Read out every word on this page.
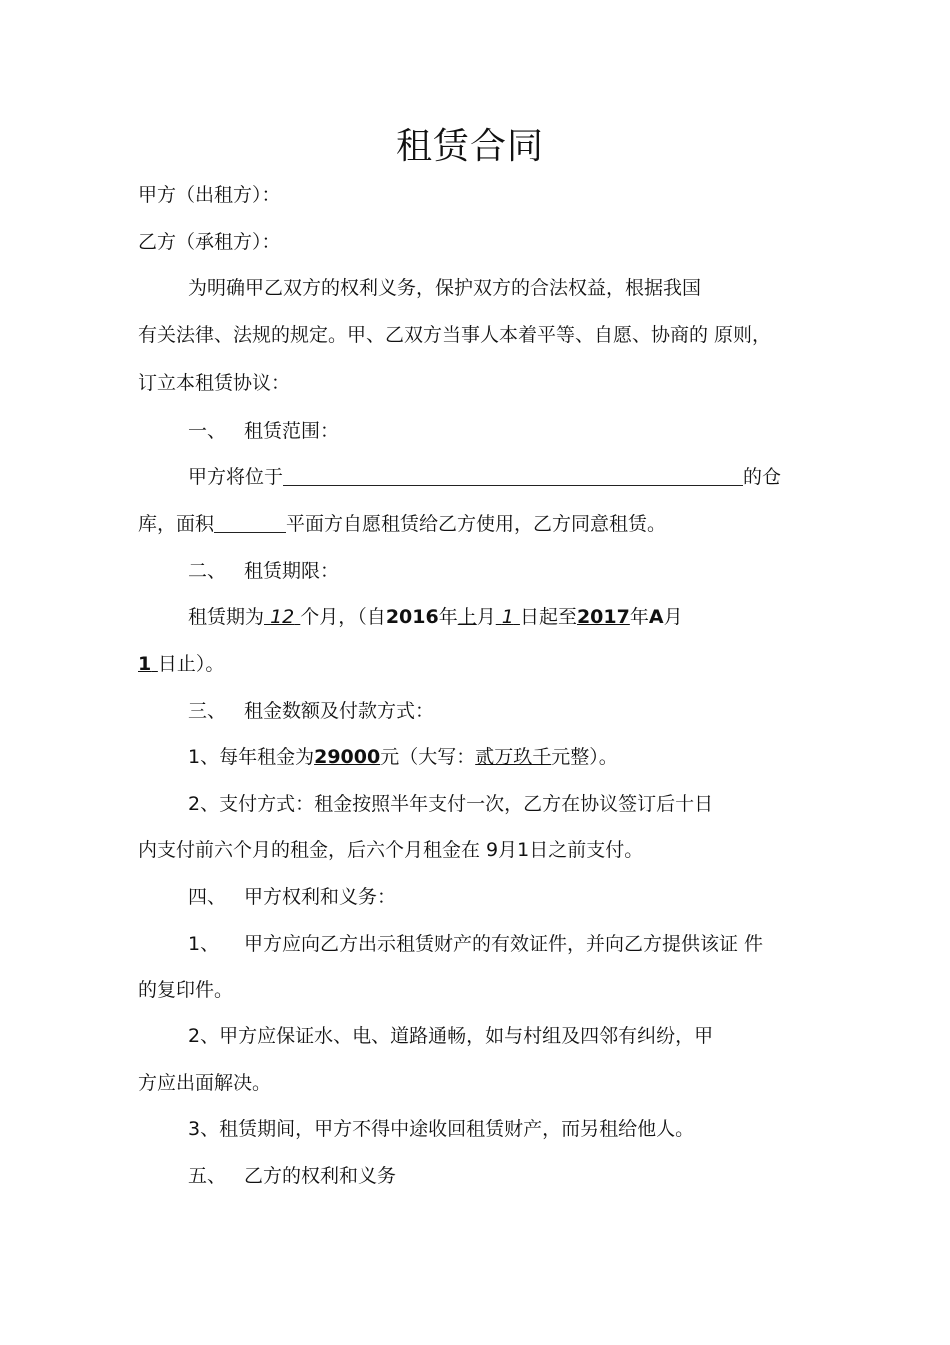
租赁合同
甲方（出租方）：
乙方（承租方）：
为明确甲乙双方的权利义务，保护双方的合法权益，根据我国
有关法律、法规的规定。甲、乙双方当事人本着平等、自愿、协商的 原则，
订立本租赁协议：
一、 租赁范围：
甲方将位于	的仓
库，面积	平面方自愿租赁给乙方使用，乙方同意租赁。
二、 租赁期限：
租赁期为 12 个月，（自2016年上月 1 日起至2017年A月
1 日止）。
三、 租金数额及付款方式：
1、每年租金为29000元（大写：贰万玖千元整）。
2、支付方式：租金按照半年支付一次，乙方在协议签订后十日
内支付前六个月的租金，后六个月租金在 9月1日之前支付。
四、 甲方权利和义务：
1、 甲方应向乙方出示租赁财产的有效证件，并向乙方提供该证 件
的复印件。
2、甲方应保证水、电、道路通畅，如与村组及四邻有纠纷，甲
方应出面解决。
3、租赁期间，甲方不得中途收回租赁财产，而另租给他人。
五、 乙方的权利和义务
